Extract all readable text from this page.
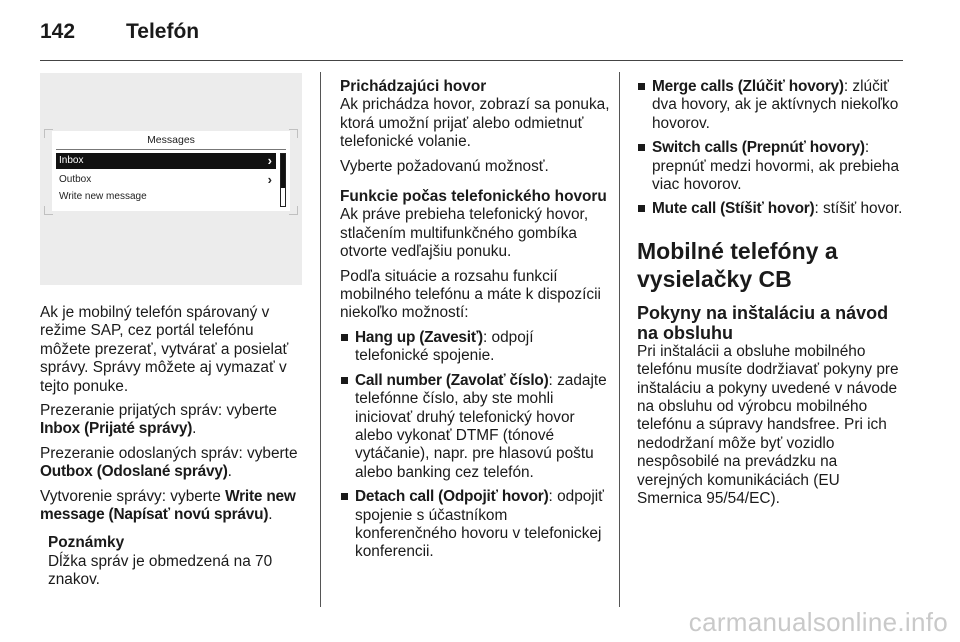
142 Telefón
Messages
Inbox	›
Outbox	›
Write new message

Ak je mobilný telefón spárovaný v režime SAP, cez portál telefónu môžete prezerať, vytvárať a posielať správy. Správy môžete aj vymazať v tejto ponuke.

Prezeranie prijatých správ: vyberte Inbox (Prijaté správy).

Prezeranie odoslaných správ: vyberte Outbox (Odoslané správy).

Vytvorenie správy: vyberte Write new message (Napísať novú správu).

Poznámky
Dĺžka správ je obmedzená na 70 znakov.
Prichádzajúci hovor

Ak prichádza hovor, zobrazí sa ponuka, ktorá umožní prijať alebo odmietnuť telefonické volanie.

Vyberte požadovanú možnosť.

Funkcie počas telefonického hovoru

Ak práve prebieha telefonický hovor, stlačením multifunkčného gombíka otvorte vedľajšiu ponuku.

Podľa situácie a rozsahu funkcií mobilného telefónu a máte k dispozícii niekoľko možností:

Hang up (Zavesiť): odpojí telefonické spojenie.
Call number (Zavolať číslo): zadajte telefónne číslo, aby ste mohli iniciovať druhý telefonický hovor alebo vykonať DTMF (tónové vytáčanie), napr. pre hlasovú poštu alebo banking cez telefón.
Detach call (Odpojiť hovor): odpojiť spojenie s účastníkom konferenčného hovoru v telefonickej konferencii.
Merge calls (Zlúčiť hovory): zlúčiť dva hovory, ak je aktívnych niekoľko hovorov.
Switch calls (Prepnúť hovory): prepnúť medzi hovormi, ak prebieha viac hovorov.
Mute call (Stíšiť hovor): stíšiť hovor.
Mobilné telefóny a vysielačky CB
Pokyny na inštaláciu a návod na obsluhu

Pri inštalácii a obsluhe mobilného telefónu musíte dodržiavať pokyny pre inštaláciu a pokyny uvedené v návode na obsluhu od výrobcu mobilného telefónu a súpravy handsfree. Pri ich nedodržaní môže byť vozidlo nespôsobilé na prevádzku na verejných komunikáciách (EU Smernica 95/54/EC).

carmanualsonline.info
